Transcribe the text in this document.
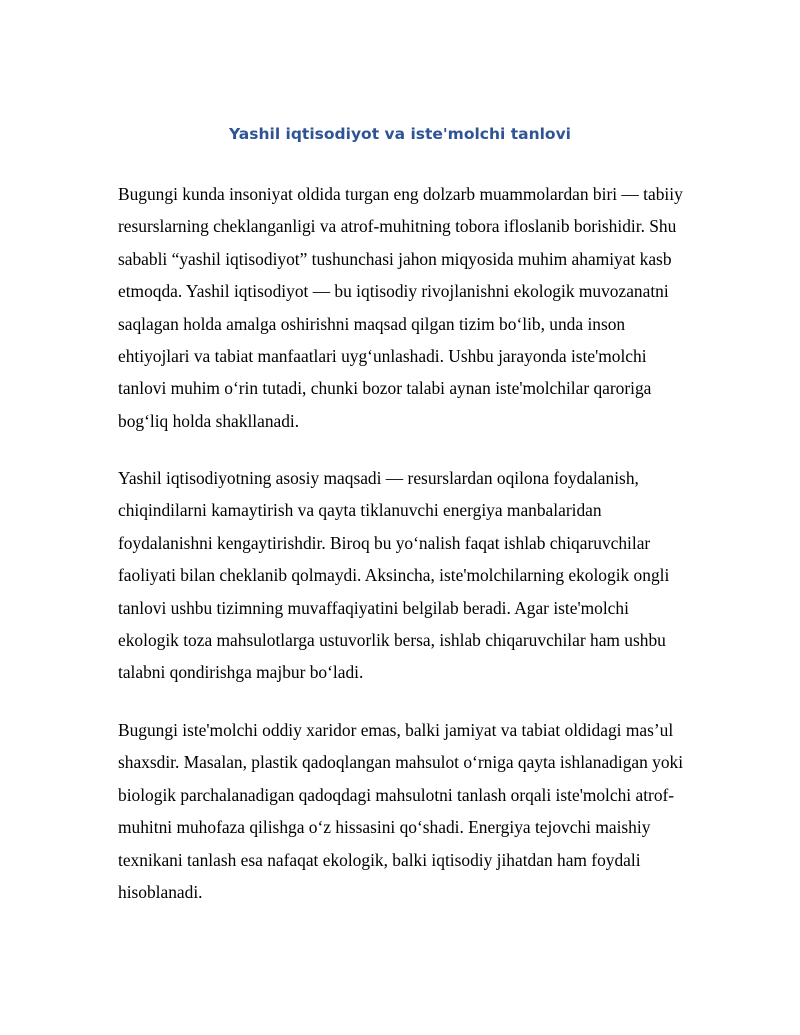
Yashil iqtisodiyot va iste'molchi tanlovi

Bugungi kunda insoniyat oldida turgan eng dolzarb muammolardan biri — tabiiy resurslarning cheklanganligi va atrof-muhitning tobora ifloslanib borishidir. Shu sababli “yashil iqtisodiyot” tushunchasi jahon miqyosida muhim ahamiyat kasb etmoqda. Yashil iqtisodiyot — bu iqtisodiy rivojlanishni ekologik muvozanatni saqlagan holda amalga oshirishni maqsad qilgan tizim boʻlib, unda inson ehtiyojlari va tabiat manfaatlari uygʻunlashadi. Ushbu jarayonda iste'molchi tanlovi muhim oʻrin tutadi, chunki bozor talabi aynan iste'molchilar qaroriga bogʻliq holda shakllanadi.

Yashil iqtisodiyotning asosiy maqsadi — resurslardan oqilona foydalanish, chiqindilarni kamaytirish va qayta tiklanuvchi energiya manbalaridan foydalanishni kengaytirishdir. Biroq bu yoʻnalish faqat ishlab chiqaruvchilar faoliyati bilan cheklanib qolmaydi. Aksincha, iste'molchilarning ekologik ongli tanlovi ushbu tizimning muvaffaqiyatini belgilab beradi. Agar iste'molchi ekologik toza mahsulotlarga ustuvorlik bersa, ishlab chiqaruvchilar ham ushbu talabni qondirishga majbur boʻladi.

Bugungi iste'molchi oddiy xaridor emas, balki jamiyat va tabiat oldidagi mas’ul shaxsdir. Masalan, plastik qadoqlangan mahsulot oʻrniga qayta ishlanadigan yoki biologik parchalanadigan qadoqdagi mahsulotni tanlash orqali iste'molchi atrof-muhitni muhofaza qilishga oʻz hissasini qoʻshadi. Energiya tejovchi maishiy texnikani tanlash esa nafaqat ekologik, balki iqtisodiy jihatdan ham foydali hisoblanadi.
